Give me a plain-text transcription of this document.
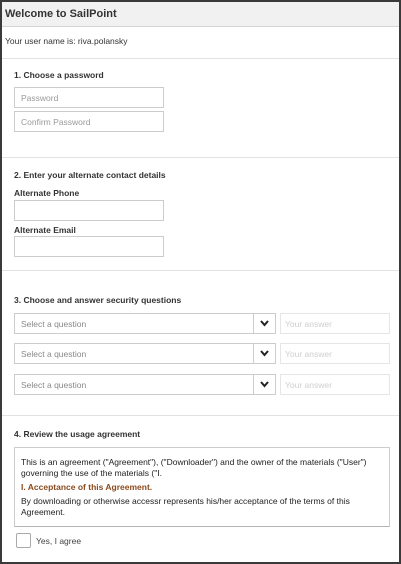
Welcome to SailPoint
Your user name is: riva.polansky
1. Choose a password
2. Enter your alternate contact details
Alternate Phone
Alternate Email
3. Choose and answer security questions
Select a question
Your answer
Select a question
Your answer
Select a question
Your answer
4. Review the usage agreement
This is an agreement ("Agreement"), ("Downloader") and the owner of the materials ("User") governing the use of the materials ("I.
I. Acceptance of this Agreement.
By downloading or otherwise accessr represents his/her acceptance of the terms of this Agreement.
Yes, I agree
